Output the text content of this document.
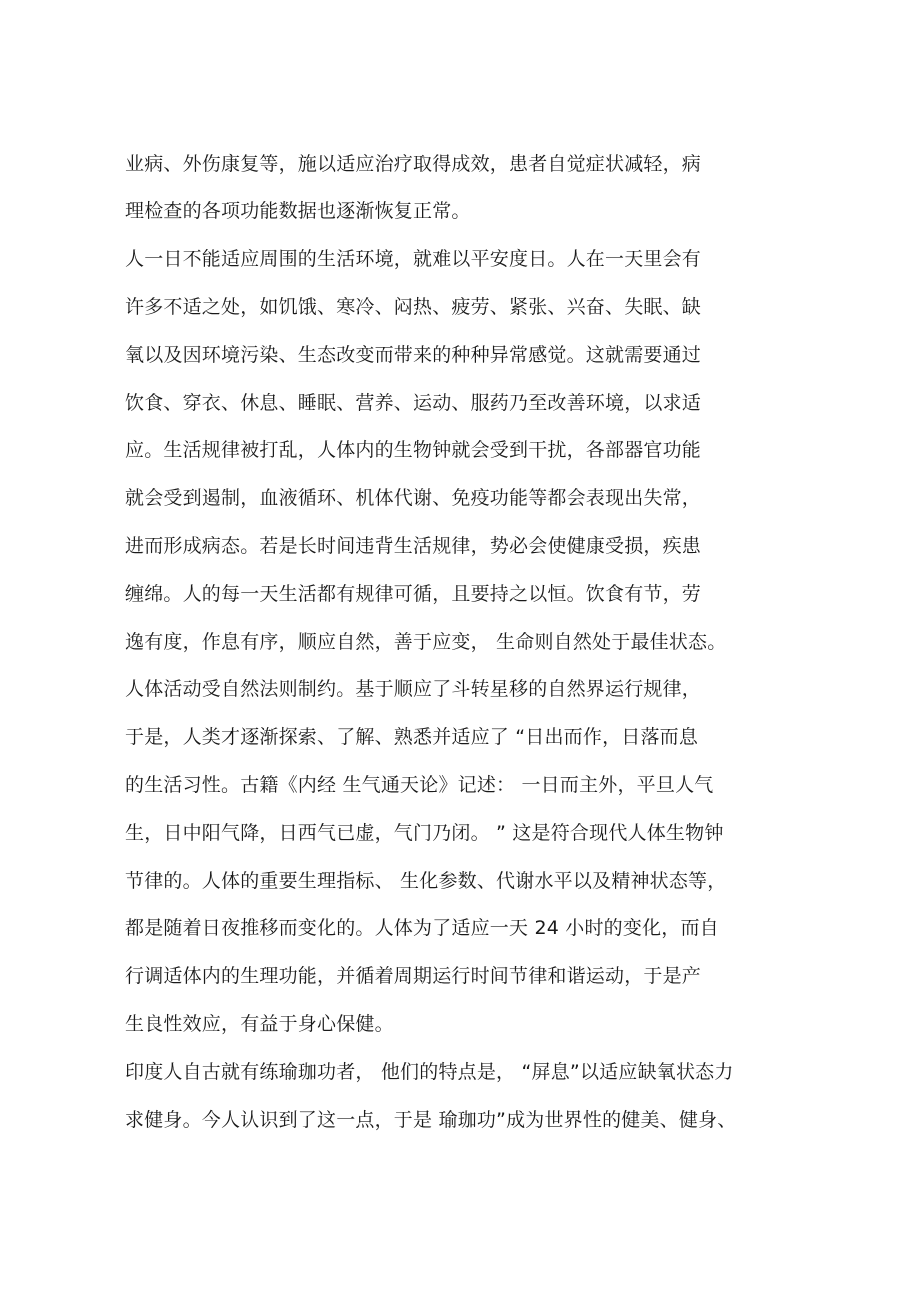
业病、外伤康复等，施以适应治疗取得成效，患者自觉症状减轻，病
理检查的各项功能数据也逐渐恢复正常。
人一日不能适应周围的生活环境，就难以平安度日。人在一天里会有
许多不适之处，如饥饿、寒冷、闷热、疲劳、紧张、兴奋、失眠、缺
氧以及因环境污染、生态改变而带来的种种异常感觉。这就需要通过
饮食、穿衣、休息、睡眠、营养、运动、服药乃至改善环境，以求适
应。生活规律被打乱，人体内的生物钟就会受到干扰，各部器官功能
就会受到遏制，血液循环、机体代谢、免疫功能等都会表现出失常，
进而形成病态。若是长时间违背生活规律，势必会使健康受损，疾患
缠绵。人的每一天生活都有规律可循，且要持之以恒。饮食有节，劳
逸有度，作息有序，顺应自然，善于应变， 生命则自然处于最佳状态。
人体活动受自然法则制约。基于顺应了斗转星移的自然界运行规律，
于是，人类才逐渐探索、了解、熟悉并适应了 “日出而作，日落而息
的生活习性。古籍《内经 生气通天论》记述： 一日而主外，平旦人气
生，日中阳气降，日西气已虚，气门乃闭。 ” 这是符合现代人体生物钟
节律的。人体的重要生理指标、 生化参数、代谢水平以及精神状态等，
都是随着日夜推移而变化的。人体为了适应一天 24 小时的变化，而自
行调适体内的生理功能，并循着周期运行时间节律和谐运动，于是产
生良性效应，有益于身心保健。
印度人自古就有练瑜珈功者， 他们的特点是， “屏息”以适应缺氧状态力
求健身。今人认识到了这一点，于是 瑜珈功”成为世界性的健美、健身、
